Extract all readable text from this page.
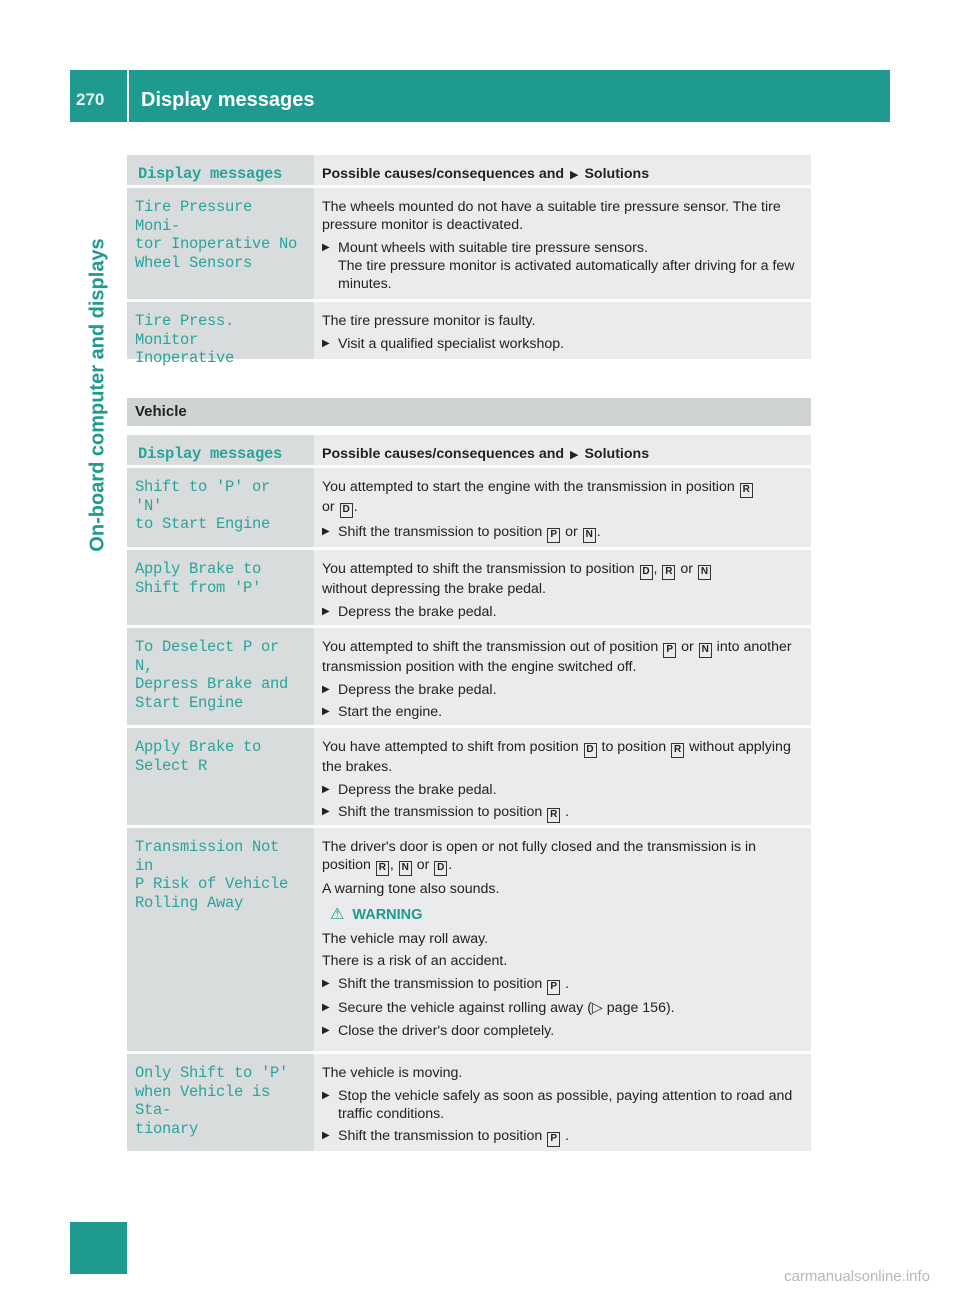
270	Display messages
On-board computer and displays
Display messages	Possible causes/consequences and ▶ Solutions
Tire Pressure Moni-
tor Inoperative No
Wheel Sensors

The wheels mounted do not have a suitable tire pressure sensor. The tire pressure monitor is deactivated.

▶ Mount wheels with suitable tire pressure sensors.
The tire pressure monitor is activated automatically after driving for a few minutes.
Tire Press. Monitor
Inoperative

The tire pressure monitor is faulty.

▶ Visit a qualified specialist workshop.
Vehicle
Display messages	Possible causes/consequences and ▶ Solutions
Shift to 'P' or 'N'
to Start Engine

You attempted to start the engine with the transmission in position R
or D .

▶ Shift the transmission to position P or N .
Apply Brake to
Shift from 'P'

You attempted to shift the transmission to position D , R or N
without depressing the brake pedal.

▶ Depress the brake pedal.
To Deselect P or N,
Depress Brake and
Start Engine

You attempted to shift the transmission out of position P or N into another transmission position with the engine switched off.

▶ Depress the brake pedal.
▶ Start the engine.
Apply Brake to
Select R

You have attempted to shift from position D to position R without applying the brakes.

▶ Depress the brake pedal.
▶ Shift the transmission to position R .
Transmission Not in
P Risk of Vehicle
Rolling Away

The driver's door is open or not fully closed and the transmission is in position R , N or D .

A warning tone also sounds.

⚠ WARNING

The vehicle may roll away.

There is a risk of an accident.

▶ Shift the transmission to position P .
▶ Secure the vehicle against rolling away (▷ page 156).
▶ Close the driver's door completely.
Only Shift to 'P'
when Vehicle is Sta-
tionary

The vehicle is moving.

▶ Stop the vehicle safely as soon as possible, paying attention to road and traffic conditions.
▶ Shift the transmission to position P .
carmanualsonline.info
